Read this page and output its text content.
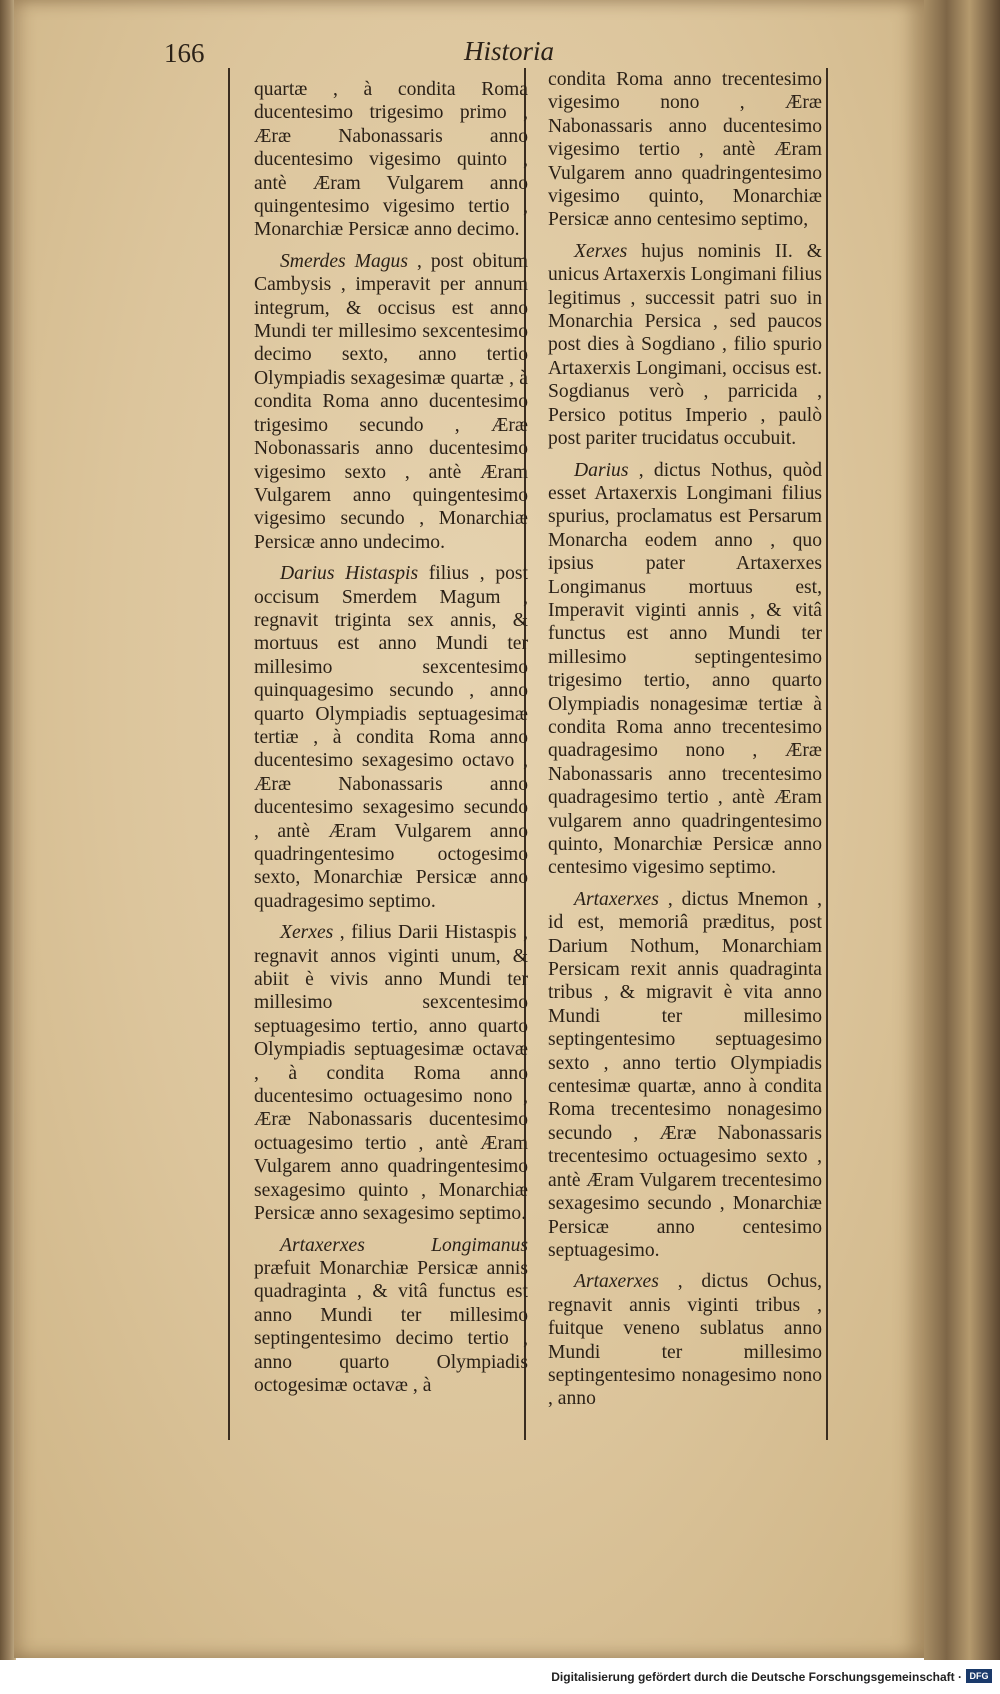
166	Historia

quartæ , à condita Roma ducentesimo trigesimo primo , Æræ Nabonassaris anno ducentesimo vigesimo quinto , antè Æram Vulgarem anno quingentesimo vigesimo tertio , Monarchiæ Persicæ anno decimo.

Smerdes Magus , post obitum Cambysis , imperavit per annum integrum, & occisus est anno Mundi ter millesimo sexcentesimo decimo sexto, anno tertio Olympiadis sexagesimæ quartæ , à condita Roma anno ducentesimo trigesimo secundo , Æræ Nobonassaris anno ducentesimo vigesimo sexto , antè Æram Vulgarem anno quingentesimo vigesimo secundo , Monarchiæ Persicæ anno undecimo.

Darius Histaspis filius , post occisum Smerdem Magum , regnavit triginta sex annis, & mortuus est anno Mundi ter millesimo sexcentesimo quinquagesimo secundo , anno quarto Olympiadis septuagesimæ tertiæ , à condita Roma anno ducentesimo sexagesimo octavo , Æræ Nabonassaris anno ducentesimo sexagesimo secundo , antè Æram Vulgarem anno quadringentesimo octogesimo sexto, Monarchiæ Persicæ anno quadragesimo septimo.

Xerxes , filius Darii Histaspis , regnavit annos viginti unum, & abiit è vivis anno Mundi ter millesimo sexcentesimo septuagesimo tertio, anno quarto Olympiadis septuagesimæ octavæ , à condita Roma anno ducentesimo octuagesimo nono , Æræ Nabonassaris ducentesimo octuagesimo tertio , antè Æram Vulgarem anno quadringentesimo sexagesimo quinto , Monarchiæ Persicæ anno sexagesimo septimo.

Artaxerxes Longimanus præfuit Monarchiæ Persicæ annis quadraginta , & vitâ functus est anno Mundi ter millesimo septingentesimo decimo tertio , anno quarto Olympiadis octogesimæ octavæ , à

condita Roma anno trecentesimo vigesimo nono , Æræ Nabonassaris anno ducentesimo vigesimo tertio , antè Æram Vulgarem anno quadringentesimo vigesimo quinto, Monarchiæ Persicæ anno centesimo septimo,

Xerxes hujus nominis II. & unicus Artaxerxis Longimani filius legitimus , successit patri suo in Monarchia Persica , sed paucos post dies à Sogdiano , filio spurio Artaxerxis Longimani, occisus est. Sogdianus verò , parricida , Persico potitus Imperio , paulò post pariter trucidatus occubuit.

Darius , dictus Nothus, quòd esset Artaxerxis Longimani filius spurius, proclamatus est Persarum Monarcha eodem anno , quo ipsius pater Artaxerxes Longimanus mortuus est, Imperavit viginti annis , & vitâ functus est anno Mundi ter millesimo septingentesimo trigesimo tertio, anno quarto Olympiadis nonagesimæ tertiæ à condita Roma anno trecentesimo quadragesimo nono , Æræ Nabonassaris anno trecentesimo quadragesimo tertio , antè Æram vulgarem anno quadringentesimo quinto, Monarchiæ Persicæ anno centesimo vigesimo septimo.

Artaxerxes , dictus Mnemon , id est, memoriâ præditus, post Darium Nothum, Monarchiam Persicam rexit annis quadraginta tribus , & migravit è vita anno Mundi ter millesimo septingentesimo septuagesimo sexto , anno tertio Olympiadis centesimæ quartæ, anno à condita Roma trecentesimo nonagesimo secundo , Æræ Nabonassaris trecentesimo octuagesimo sexto , antè Æram Vulgarem trecentesimo sexagesimo secundo , Monarchiæ Persicæ anno centesimo septuagesimo.

Artaxerxes , dictus Ochus, regnavit annis viginti tribus , fuitque veneno sublatus anno Mundi ter millesimo septingentesimo nonagesimo nono , anno

Digitalisierung gefördert durch die Deutsche Forschungsgemeinschaft · DFG
